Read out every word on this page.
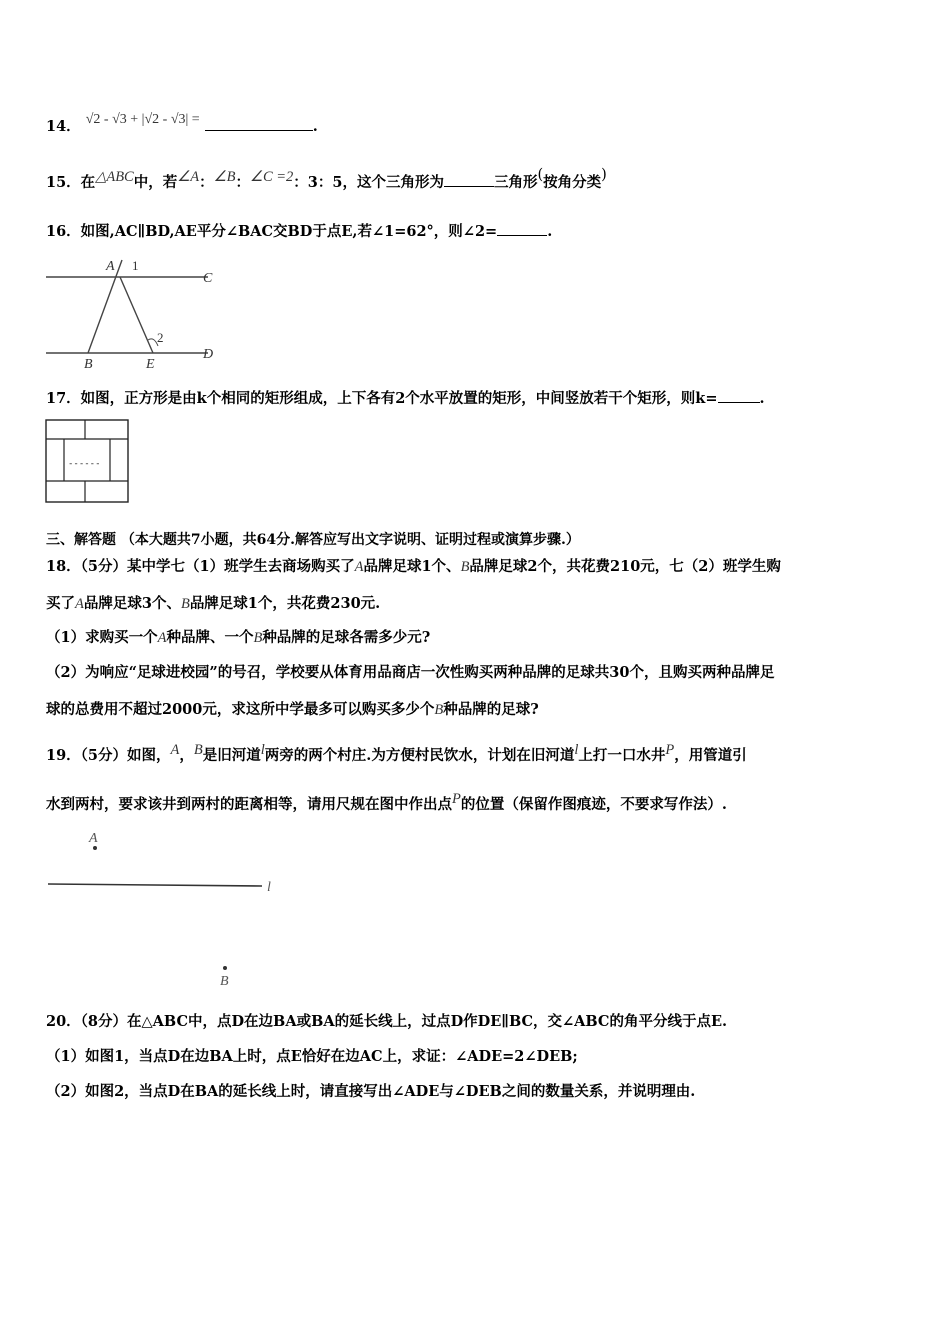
14． √2 - √3 + |√2 - √3| =	.
15．在△ABC中，若∠A：∠B：∠C =2：3：5，这个三角形为	三角形(按角分类)
16．如图,AC∥BD,AE平分∠BAC交BD于点E,若∠1=62°，则∠2=	.
A 1
C
2
B	E
D
17．如图，正方形是由k个相同的矩形组成，上下各有2个水平放置的矩形，中间竖放若干个矩形，则k=	.
------
三、解答题 （本大题共7小题，共64分.解答应写出文字说明、证明过程或演算步骤.）
18．（5分）某中学七（1）班学生去商场购买了A品牌足球1个、B品牌足球2个，共花费210元，七（2）班学生购
买了A品牌足球3个、B品牌足球1个，共花费230元.
（1）求购买一个A种品牌、一个B种品牌的足球各需多少元?
（2）为响应“足球进校园”的号召，学校要从体育用品商店一次性购买两种品牌的足球共30个，且购买两种品牌足
球的总费用不超过2000元，求这所中学最多可以购买多少个B种品牌的足球?
19．（5分）如图，A，B是旧河道l两旁的两个村庄.为方便村民饮水，计划在旧河道l上打一口水井P，用管道引
水到两村，要求该井到两村的距离相等，请用尺规在图中作出点P的位置（保留作图痕迹，不要求写作法）.
A
l
B
20．（8分）在△ABC中，点D在边BA或BA的延长线上，过点D作DE∥BC，交∠ABC的角平分线于点E.
（1）如图1，当点D在边BA上时，点E恰好在边AC上，求证：∠ADE=2∠DEB;
（2）如图2，当点D在BA的延长线上时，请直接写出∠ADE与∠DEB之间的数量关系，并说明理由.
